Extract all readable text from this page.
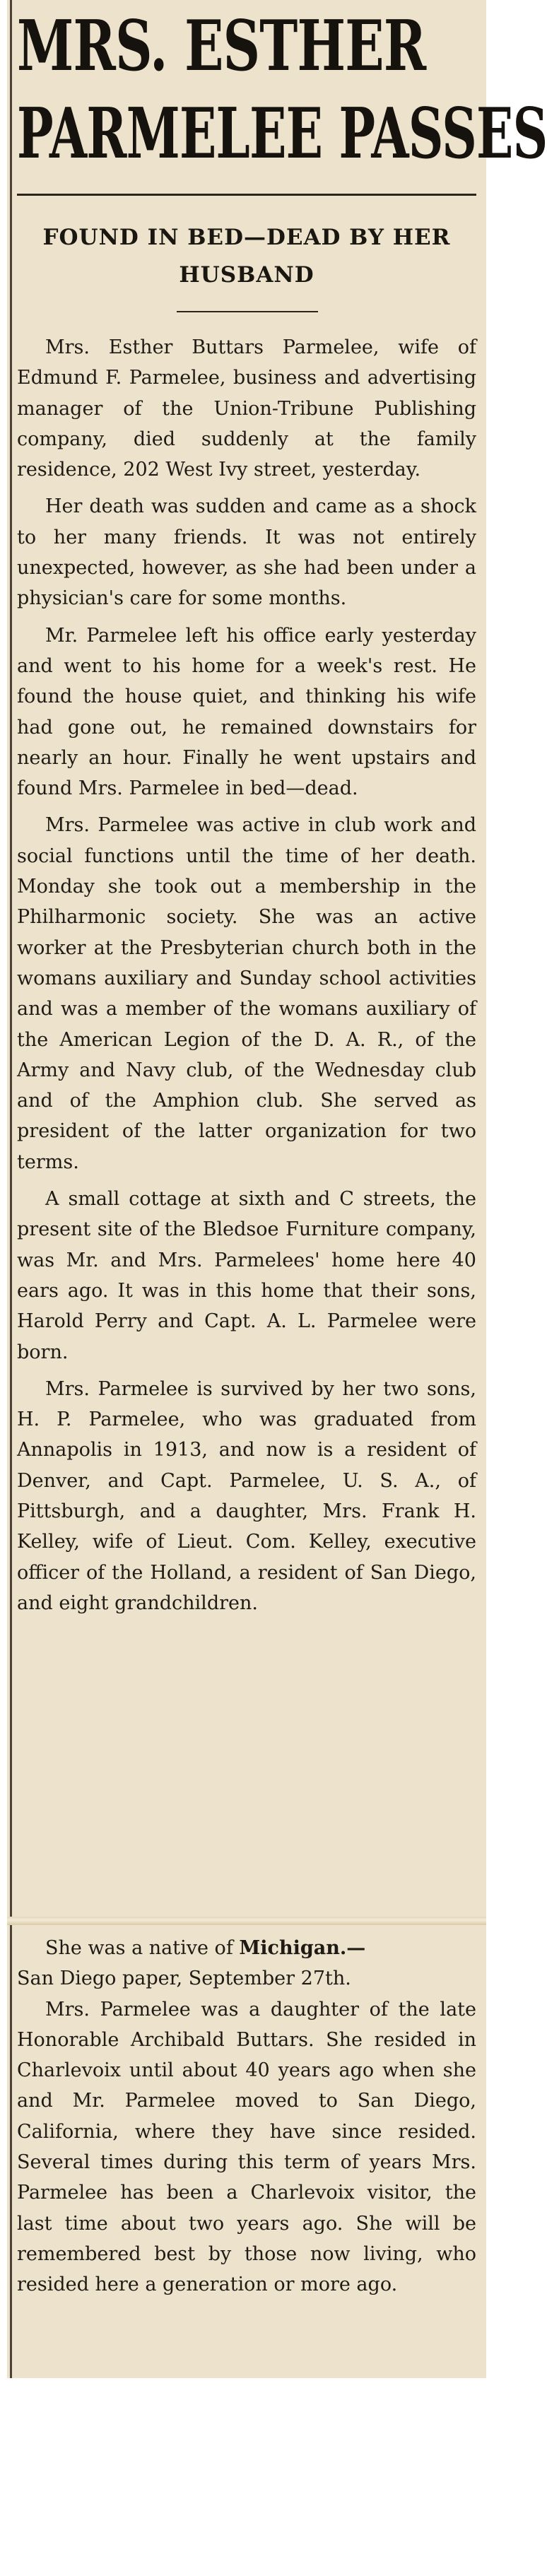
MRS. ESTHER
PARMELEE PASSES
FOUND IN BED—DEAD BY HER HUSBAND

Mrs. Esther Buttars Parmelee, wife of Edmund F. Parmelee, business and advertising manager of the Union-Tribune Publishing company, died suddenly at the family residence, 202 West Ivy street, yesterday.

Her death was sudden and came as a shock to her many friends. It was not entirely unexpected, however, as she had been under a physician's care for some months.

Mr. Parmelee left his office early yesterday and went to his home for a week's rest. He found the house quiet, and thinking his wife had gone out, he remained downstairs for nearly an hour. Finally he went upstairs and found Mrs. Parmelee in bed—dead.

Mrs. Parmelee was active in club work and social functions until the time of her death. Monday she took out a membership in the Philharmonic society. She was an active worker at the Presbyterian church both in the womans auxiliary and Sunday school activities and was a member of the womans auxiliary of the American Legion of the D. A. R., of the Army and Navy club, of the Wednesday club and of the Amphion club. She served as president of the latter organization for two terms.

A small cottage at sixth and C streets, the present site of the Bledsoe Furniture company, was Mr. and Mrs. Parmelees' home here 40 ears ago. It was in this home that their sons, Harold Perry and Capt. A. L. Parmelee were born.

Mrs. Parmelee is survived by her two sons, H. P. Parmelee, who was graduated from Annapolis in 1913, and now is a resident of Denver, and Capt. Parmelee, U. S. A., of Pittsburgh, and a daughter, Mrs. Frank H. Kelley, wife of Lieut. Com. Kelley, executive officer of the Holland, a resident of San Diego, and eight grandchildren.

She was a native of Michigan.—

San Diego paper, September 27th.

Mrs. Parmelee was a daughter of the late Honorable Archibald Buttars. She resided in Charlevoix until about 40 years ago when she and Mr. Parmelee moved to San Diego, California, where they have since resided. Several times during this term of years Mrs. Parmelee has been a Charlevoix visitor, the last time about two years ago. She will be remembered best by those now living, who resided here a generation or more ago.
